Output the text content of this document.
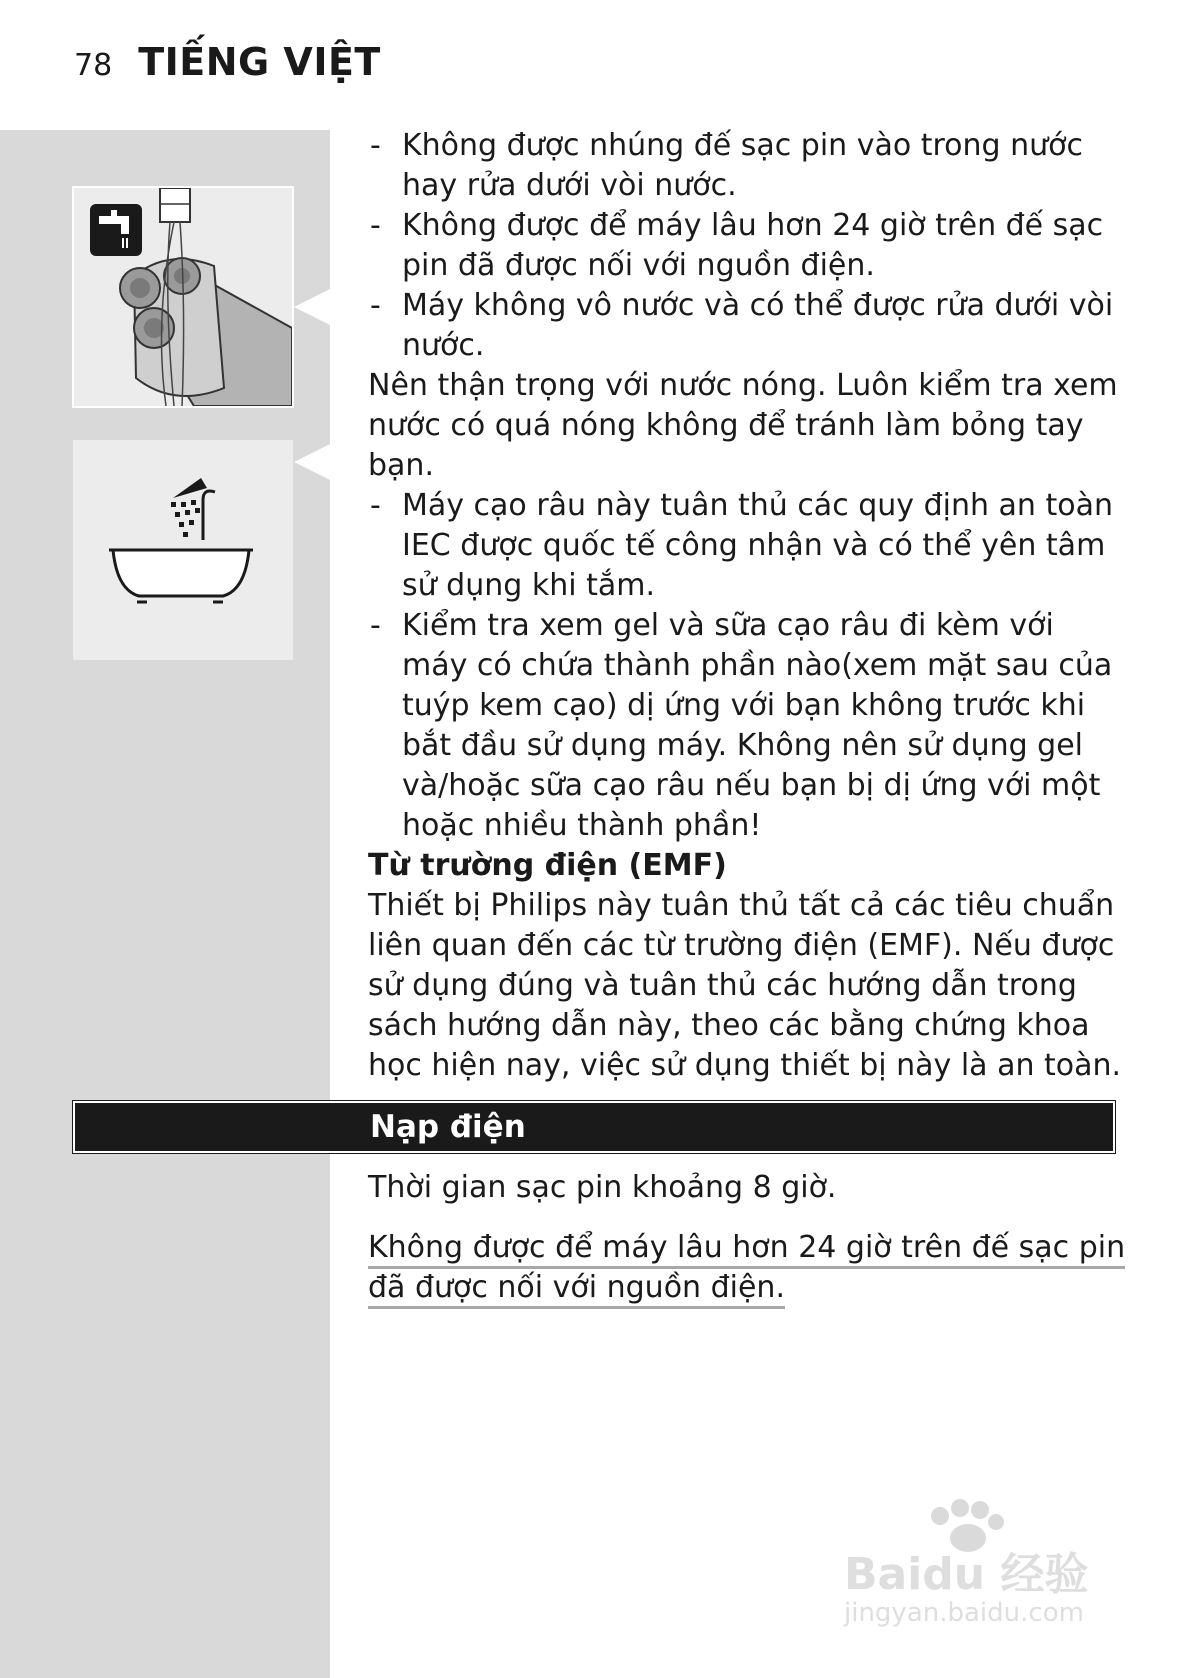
78 TIẾNG VIỆT

- Không được nhúng đế sạc pin vào trong nước hay rửa dưới vòi nước.

- Không được để máy lâu hơn 24 giờ trên đế sạc pin đã được nối với nguồn điện.

- Máy không vô nước và có thể được rửa dưới vòi nước.

Nên thận trọng với nước nóng. Luôn kiểm tra xem nước có quá nóng không để tránh làm bỏng tay bạn.

- Máy cạo râu này tuân thủ các quy định an toàn IEC được quốc tế công nhận và có thể yên tâm sử dụng khi tắm.

- Kiểm tra xem gel và sữa cạo râu đi kèm với máy có chứa thành phần nào(xem mặt sau của tuýp kem cạo) dị ứng với bạn không trước khi bắt đầu sử dụng máy. Không nên sử dụng gel và/hoặc sữa cạo râu nếu bạn bị dị ứng với một hoặc nhiều thành phần!

Từ trường điện (EMF)

Thiết bị Philips này tuân thủ tất cả các tiêu chuẩn liên quan đến các từ trường điện (EMF). Nếu được sử dụng đúng và tuân thủ các hướng dẫn trong sách hướng dẫn này, theo các bằng chứng khoa học hiện nay, việc sử dụng thiết bị này là an toàn.

Nạp điện

Thời gian sạc pin khoảng 8 giờ.

Không được để máy lâu hơn 24 giờ trên đế sạc pin đã được nối với nguồn điện.

Baidu 经验
jingyan.baidu.com
